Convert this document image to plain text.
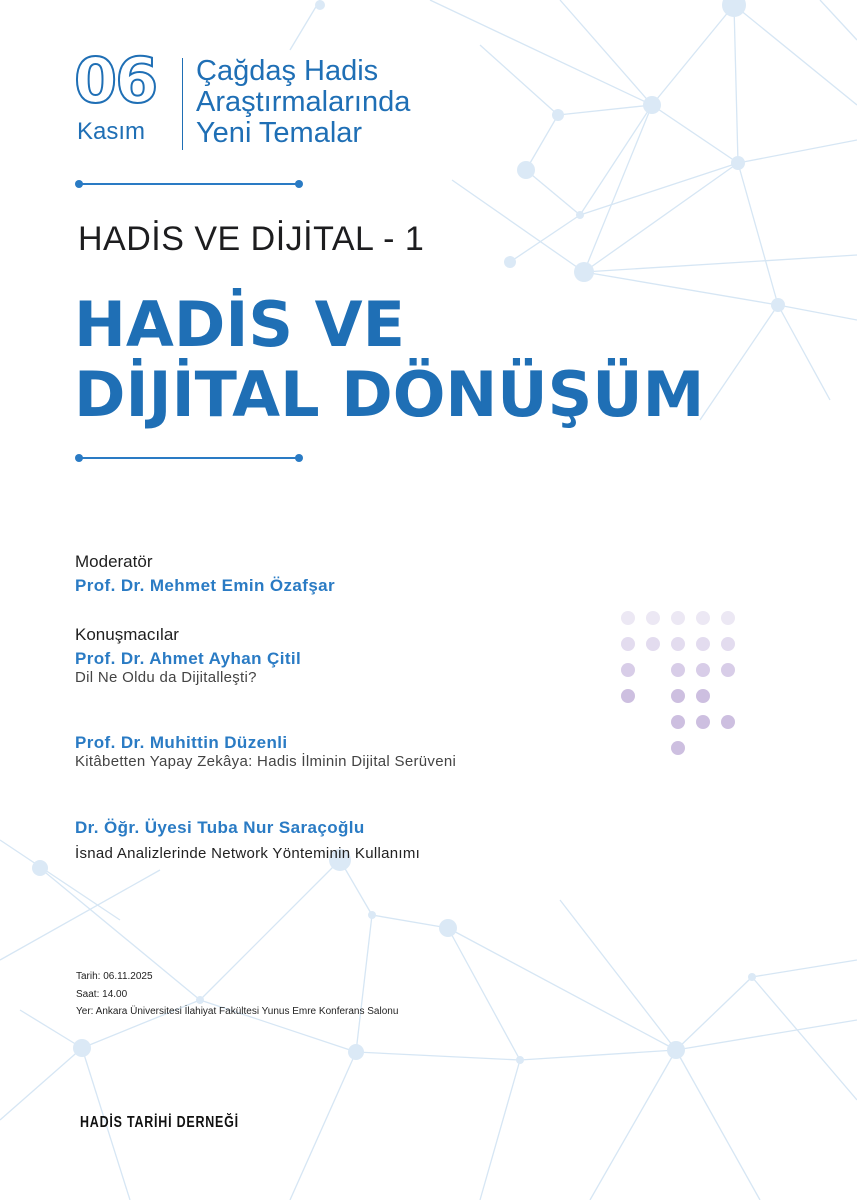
06
Kasım
Çağdaş Hadis
Araştırmalarında
Yeni Temalar
HADİS VE DİJİTAL - 1
HADİS VE
DİJİTAL DÖNÜŞÜM
Moderatör
Prof. Dr. Mehmet Emin Özafşar
Konuşmacılar
Prof. Dr. Ahmet Ayhan Çitil
Dil Ne Oldu da Dijitalleşti?
Prof. Dr. Muhittin Düzenli
Kitâbetten Yapay Zekâya: Hadis İlminin Dijital Serüveni
Dr. Öğr. Üyesi Tuba Nur Saraçoğlu
İsnad Analizlerinde Network Yönteminin Kullanımı
Tarih: 06.11.2025
Saat: 14.00
Yer: Ankara Üniversitesi İlahiyat Fakültesi Yunus Emre Konferans Salonu
HADİS TARİHİ DERNEĞİ
